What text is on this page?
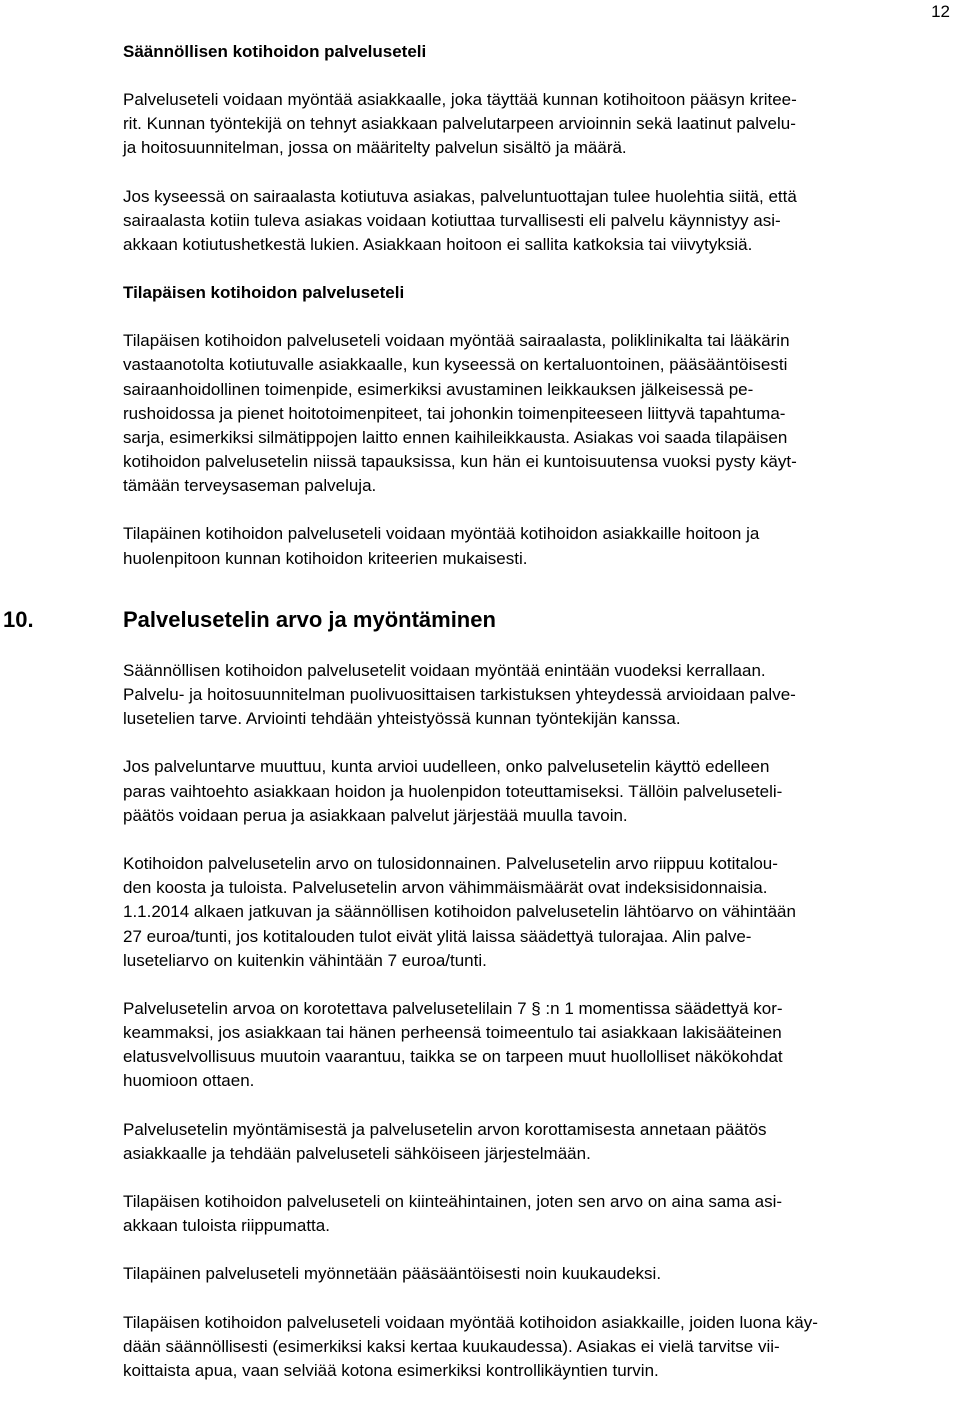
12
Säännöllisen kotihoidon palveluseteli
Palveluseteli voidaan myöntää asiakkaalle, joka täyttää kunnan kotihoitoon pääsyn kritee-
rit. Kunnan työntekijä on tehnyt asiakkaan palvelutarpeen arvioinnin sekä laatinut palvelu-
ja hoitosuunnitelman, jossa on määritelty palvelun sisältö ja määrä.
Jos kyseessä on sairaalasta kotiutuva asiakas, palveluntuottajan tulee huolehtia siitä, että
sairaalasta kotiin tuleva asiakas voidaan kotiuttaa turvallisesti eli palvelu käynnistyy asi-
akkaan kotiutushetkestä lukien. Asiakkaan hoitoon ei sallita katkoksia tai viivytyksiä.
Tilapäisen kotihoidon palveluseteli
Tilapäisen kotihoidon palveluseteli voidaan myöntää sairaalasta, poliklinikalta tai lääkärin
vastaanotolta kotiutuvalle asiakkaalle, kun kyseessä on kertaluontoinen, pääsääntöisesti
sairaanhoidollinen toimenpide, esimerkiksi avustaminen leikkauksen jälkeisessä pe-
rushoidossa ja pienet hoitotoimenpiteet, tai johonkin toimenpiteeseen liittyvä tapahtuma-
sarja, esimerkiksi silmätippojen laitto ennen kaihileikkausta. Asiakas voi saada tilapäisen
kotihoidon palvelusetelin niissä tapauksissa, kun hän ei kuntoisuutensa vuoksi pysty käyt-
tämään terveysaseman palveluja.
Tilapäinen kotihoidon palveluseteli voidaan myöntää kotihoidon asiakkaille hoitoon ja
huolenpitoon kunnan kotihoidon kriteerien mukaisesti.
10.	Palvelusetelin arvo ja myöntäminen
Säännöllisen kotihoidon palvelusetelit voidaan myöntää enintään vuodeksi kerrallaan.
Palvelu- ja hoitosuunnitelman puolivuosittaisen tarkistuksen yhteydessä arvioidaan palve-
lusetelien tarve. Arviointi tehdään yhteistyössä kunnan työntekijän kanssa.
Jos palveluntarve muuttuu, kunta arvioi uudelleen, onko palvelusetelin käyttö edelleen
paras vaihtoehto asiakkaan hoidon ja huolenpidon toteuttamiseksi. Tällöin palveluseteli-
päätös voidaan perua ja asiakkaan palvelut järjestää muulla tavoin.
Kotihoidon palvelusetelin arvo on tulosidonnainen. Palvelusetelin arvo riippuu kotitalou-
den koosta ja tuloista. Palvelusetelin arvon vähimmäismäärät ovat indeksisidonnaisia.
1.1.2014 alkaen jatkuvan ja säännöllisen kotihoidon palvelusetelin lähtöarvo on vähintään
27 euroa/tunti, jos kotitalouden tulot eivät ylitä laissa säädettyä tulorajaa. Alin palve-
luseteliarvo on kuitenkin vähintään 7 euroa/tunti.
Palvelusetelin arvoa on korotettava palvelusetelilain 7 § :n 1 momentissa säädettyä kor-
keammaksi, jos asiakkaan tai hänen perheensä toimeentulo tai asiakkaan lakisääteinen
elatusvelvollisuus muutoin vaarantuu, taikka se on tarpeen muut huollolliset näkökohdat
huomioon ottaen.
Palvelusetelin myöntämisestä ja palvelusetelin arvon korottamisesta annetaan päätös
asiakkaalle ja tehdään palveluseteli sähköiseen järjestelmään.
Tilapäisen kotihoidon palveluseteli on kiinteähintainen, joten sen arvo on aina sama asi-
akkaan tuloista riippumatta.
Tilapäinen palveluseteli myönnetään pääsääntöisesti noin kuukaudeksi.
Tilapäisen kotihoidon palveluseteli voidaan myöntää kotihoidon asiakkaille, joiden luona käy-
dään säännöllisesti (esimerkiksi kaksi kertaa kuukaudessa). Asiakas ei vielä tarvitse vii-
koittaista apua, vaan selviää kotona esimerkiksi kontrollikäyntien turvin.
